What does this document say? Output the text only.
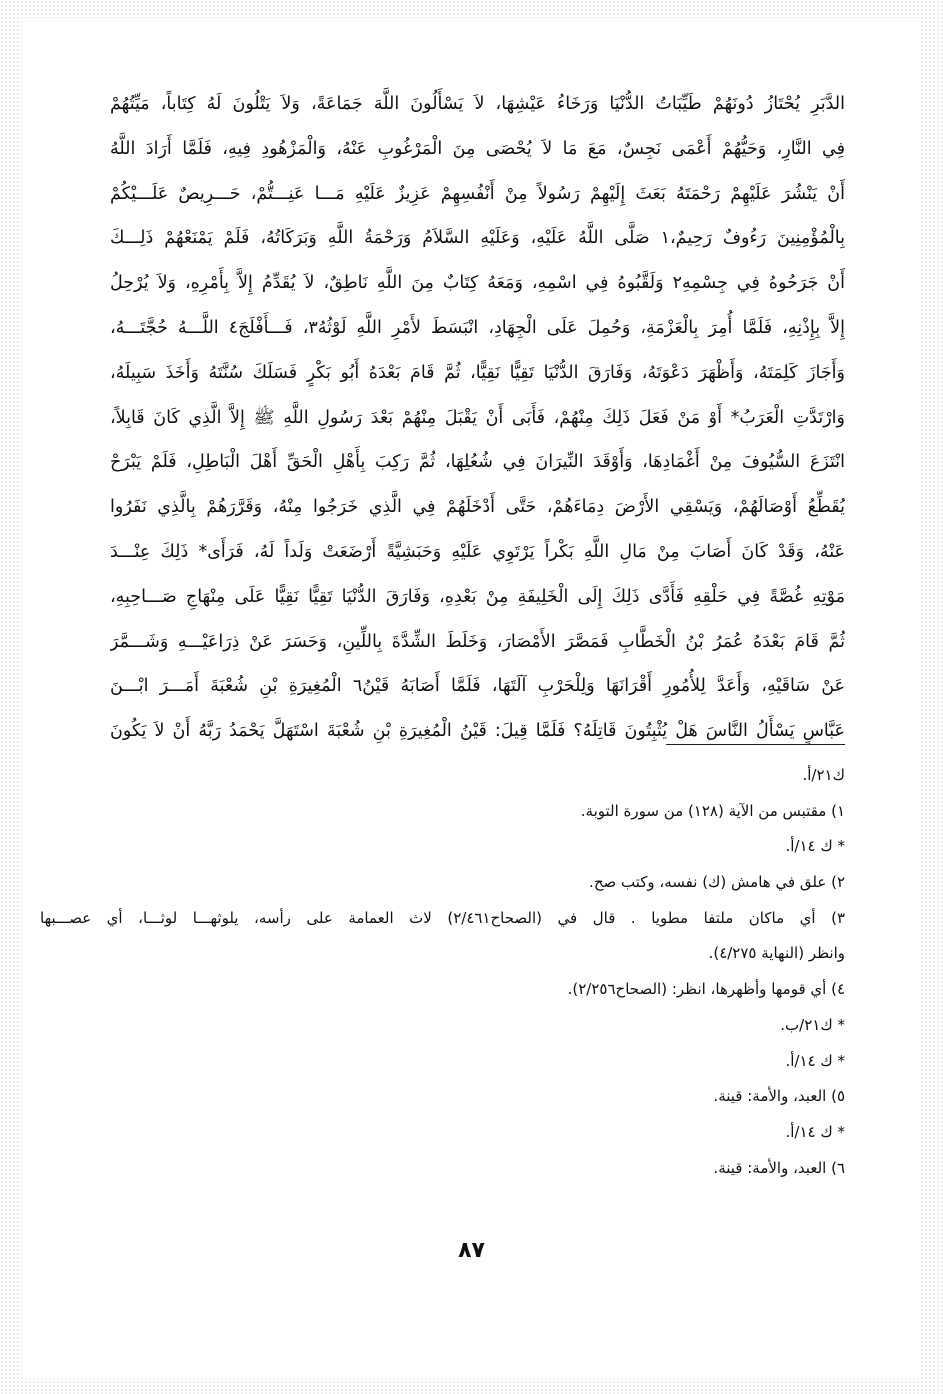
الدَّبَرِ يُحْتَازُ دُونَهُمْ طَيِّبَاتُ الدُّنْيَا وَرَخَاءُ عَيْشِهَا، لاَ يَسْأَلُونَ اللَّهَ جَمَاعَةً، وَلاَ يَتْلُونَ لَهُ كِتَاباً، مَيِّتُهُمْ
فِي النَّارِ، وَحَيُّهُمْ أَعْمَى نَجِسٌ، مَعَ مَا لاَ يُحْصَى مِنَ الْمَرْغُوبِ عَنْهُ، وَالْمَزْهُودِ فِيهِ، فَلَمَّا أَرَادَ اللَّهُ
أَنْ يَنْشُرَ عَلَيْهِمْ رَحْمَتَهُ بَعَثَ إِلَيْهِمْ رَسُولاً مِنْ أَنْفُسِهِمْ عَزِيزٌ عَلَيْهِ مَـــا عَنِـــتُّمْ، حَـــرِيصٌ عَلَـــيْكُمْ
بِالْمُؤْمِنِينَ رَءُوفٌ رَحِيمٌ،١ صَلَّى اللَّهُ عَلَيْهِ، وَعَلَيْهِ السَّلاَمُ وَرَحْمَةُ اللَّهِ وَبَرَكَاتُهُ، فَلَمْ يَمْنَعْهُمْ ذَلِـــكَ
أَنْ جَرَحُوهُ فِي جِسْمِهِ٢ وَلَقَّبُوهُ فِي اسْمِهِ، وَمَعَهُ كِتَابٌ مِنَ اللَّهِ نَاطِقٌ، لاَ يُقَدِّمُ إِلاَّ بِأَمْرِهِ، وَلاَ يُرْحِلُ
إِلاَّ بِإِذْنِهِ، فَلَمَّا أُمِرَ بِالْعَزْمَةِ، وَحُمِلَ عَلَى الْجِهَادِ، انْبَسَطَ لأَمْرِ اللَّهِ لَوْثُهُ٣، فَـــأَفْلَجَ٤ اللَّـــهُ حُجَّتَـــهُ،
وَأَجَازَ كَلِمَتَهُ، وَأَظْهَرَ دَعْوَتَهُ، وَفَارَقَ الدُّنْيَا تَقِيًّا نَقِيًّا، ثُمَّ قَامَ بَعْدَهُ أَبُو بَكْرٍ فَسَلَكَ سُنَّتَهُ وَأَخَذَ سَبِيلَهُ،
وَارْتَدَّتِ الْعَرَبُ* أَوْ مَنْ فَعَلَ ذَلِكَ مِنْهُمْ، فَأَبَى أَنْ يَقْبَلَ مِنْهُمْ بَعْدَ رَسُولِ اللَّهِ ﷺ إِلاَّ الَّذِي كَانَ قَابِلاً،
انْتَزَعَ السُّيُوفَ مِنْ أَغْمَادِهَا، وَأَوْقَدَ النِّيرَانَ فِي شُعُلِهَا، ثُمَّ رَكِبَ بِأَهْلِ الْحَقِّ أَهْلَ الْبَاطِلِ، فَلَمْ يَبْرَحْ
يُقَطِّعُ أَوْصَالَهُمْ، وَيَسْقِي الأَرْضَ دِمَاءَهُمْ، حَتَّى أَدْخَلَهُمْ فِي الَّذِي خَرَجُوا مِنْهُ، وَقَرَّرَهُمْ بِالَّذِي نَفَرُوا
عَنْهُ، وَقَدْ كَانَ أَصَابَ مِنْ مَالِ اللَّهِ بَكْراً يَرْتَوِي عَلَيْهِ وَحَبَشِيَّةً أَرْضَعَتْ وَلَداً لَهُ، فَرَأَى* ذَلِكَ عِنْـــدَ
مَوْتِهِ غُصَّةً فِي حَلْقِهِ فَأَدَّى ذَلِكَ إِلَى الْخَلِيفَةِ مِنْ بَعْدِهِ، وَفَارَقَ الدُّنْيَا تَقِيًّا نَقِيًّا عَلَى مِنْهَاجِ صَـــاحِبِهِ،
ثُمَّ قَامَ بَعْدَهُ عُمَرُ بْنُ الْخَطَّابِ فَمَصَّرَ الأَمْصَارَ، وَخَلَطَ الشِّدَّةَ بِاللِّينِ، وَحَسَرَ عَنْ ذِرَاعَيْـــهِ وَشَـــمَّرَ
عَنْ سَاقَيْهِ، وَأَعَدَّ لِلأُمُورِ أَقْرَانَهَا وَلِلْحَرْبِ آلَتَهَا، فَلَمَّا أَصَابَهُ قَيْنُ٦ الْمُغِيرَةِ بْنِ شُعْبَةَ أَمَـــرَ ابْـــنَ
عَبَّاسٍ يَسْأَلُ النَّاسَ هَلْ يُثْبِتُونَ قَاتِلَهُ؟ فَلَمَّا قِيلَ: قَيْنُ الْمُغِيرَةِ بْنِ شُعْبَةَ اسْتَهَلَّ يَحْمَدُ رَبَّهُ أَنْ لاَ يَكُونَ
ك٢١/أ.
١) مقتبس من الآية (١٢٨) من سورة التوبة.
* ك ١٤/أ.
٢) علق في هامش (ك) نفسه، وكتب صح.
٣) أي ماكان ملتفا مطويا . قال في (الصحاح٢/٤٦١) لاث العمامة على رأسه، يلوثهـــا لوثـــا، أي عصـــبها
وانظر (النهاية ٤/٢٧٥).
٤) أي قومها وأظهرها، انظر: (الصحاح٢/٢٥٦).
* ك٢١/ب.
* ك ١٤/أ.
٥) العبد، والأمة: قينة.
* ك ١٤/أ.
٦) العبد، والأمة: قينة.
٨٧
